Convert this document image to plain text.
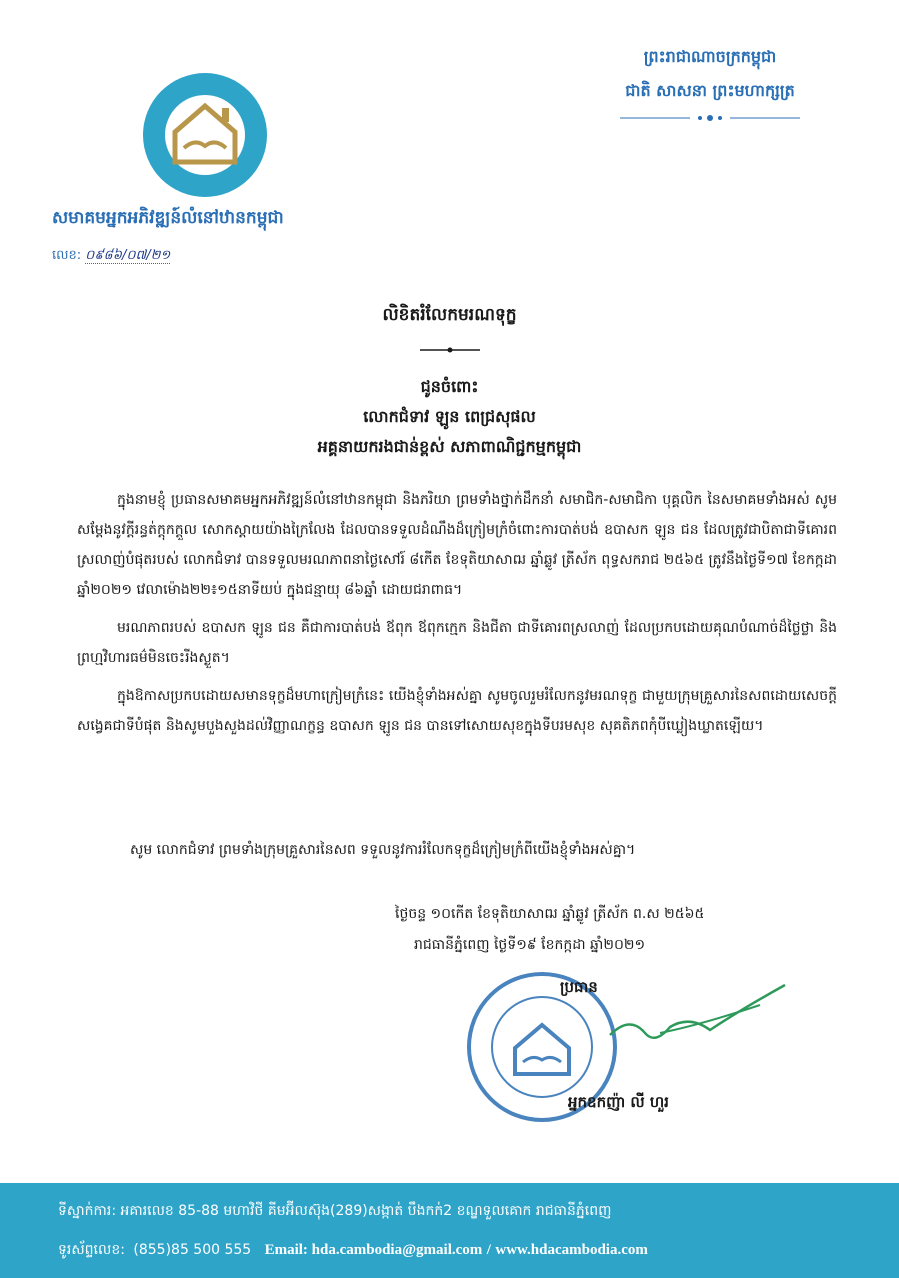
សមាគមអ្នកអភិវឌ្ឍន៍លំនៅឋានកម្ពុជា
លេខ: ០៩៨៦/០៧/២១
ព្រះរាជាណាចក្រកម្ពុជា
ជាតិ សាសនា ព្រះមហាក្សត្រ
លិខិតរំលែកមរណទុក្ខ
ជូនចំពោះ
លោកជំទាវ ឡូន ពេជ្រសុផល
អគ្គនាយករងជាន់ខ្ពស់ សភាពាណិជ្ជកម្មកម្ពុជា

ក្នុងនាមខ្ញុំ ប្រធានសមាគមអ្នកអភិវឌ្ឍន៍លំនៅឋានកម្ពុជា និងភរិយា ព្រមទាំងថ្នាក់ដឹកនាំ សមាជិក-សមាជិកា បុគ្គលិក នៃសមាគមទាំងអស់ សូមសម្ដែងនូវក្ដីរន្ធត់ក្ដុកក្ដួល សោកស្ដាយយ៉ាងក្រៃលែង ដែលបានទទួលដំណឹងដ៏ក្រៀមក្រំចំពោះការបាត់បង់ ឧបាសក ឡូន ជន ដែលត្រូវជាបិតាជាទីគោរពស្រលាញ់បំផុតរបស់ លោកជំទាវ បានទទួលមរណភាពនាថ្ងៃសៅរ៍ ៨កើត ខែទុតិយាសាឍ ឆ្នាំឆ្លូវ ត្រីស័ក ពុទ្ធសករាជ ២៥៦៥ ត្រូវនឹងថ្ងៃទី១៧ ខែកក្កដា ឆ្នាំ២០២១ វេលាម៉ោង២២៖១៥នាទីយប់ ក្នុងជន្មាយុ ៨៦ឆ្នាំ ដោយជរាពាធ។

មរណភាពរបស់ ឧបាសក ឡូន ជន គឺជាការបាត់បង់ ឪពុក ឪពុកក្មេក និងជីតា ជាទីគោរពស្រលាញ់ ដែលប្រកបដោយគុណបំណាច់ដ៏ថ្លៃថ្លា និងព្រហ្មវិហារធម៌មិនចេះរីងស្ងួត។

ក្នុងឱកាសប្រកបដោយសមានទុក្ខដ៏មហាក្រៀមក្រំនេះ យើងខ្ញុំទាំងអស់គ្នា សូមចូលរួមរំលែកនូវមរណទុក្ខ ជាមួយក្រុមគ្រួសារនៃសពដោយសេចក្ដីសង្វេគជាទីបំផុត និងសូមបួងសួងដល់វិញ្ញាណក្ខន្ធ ឧបាសក ឡូន ជន បានទៅសោយសុខក្នុងទីបរមសុខ សុគតិភពកុំបីឃ្លៀងឃ្លាតឡើយ។

សូម លោកជំទាវ ព្រមទាំងក្រុមគ្រួសារនៃសព ទទួលនូវការរំលែកទុក្ខដ៏ក្រៀមក្រំពីយើងខ្ញុំទាំងអស់គ្នា។
ថ្ងៃចន្ទ ១០កើត ខែទុតិយាសាឍ ឆ្នាំឆ្លូវ ត្រីស័ក ព.ស ២៥៦៥
រាជធានីភ្នំពេញ ថ្ងៃទី១៩ ខែកក្កដា ឆ្នាំ២០២១
ប្រធាន
អ្នកឧកញ៉ា លី ហួរ
ទីស្នាក់ការ: អគារលេខ 85-88 មហាវិថី គីមអ៊ីលស៊ុង(289)សង្កាត់ បឹងកក់2 ខណ្ឌទួលគោក រាជធានីភ្នំពេញ
ទូរស័ព្ទលេខ: (855)85 500 555 Email: hda.cambodia@gmail.com / www.hdacambodia.com
